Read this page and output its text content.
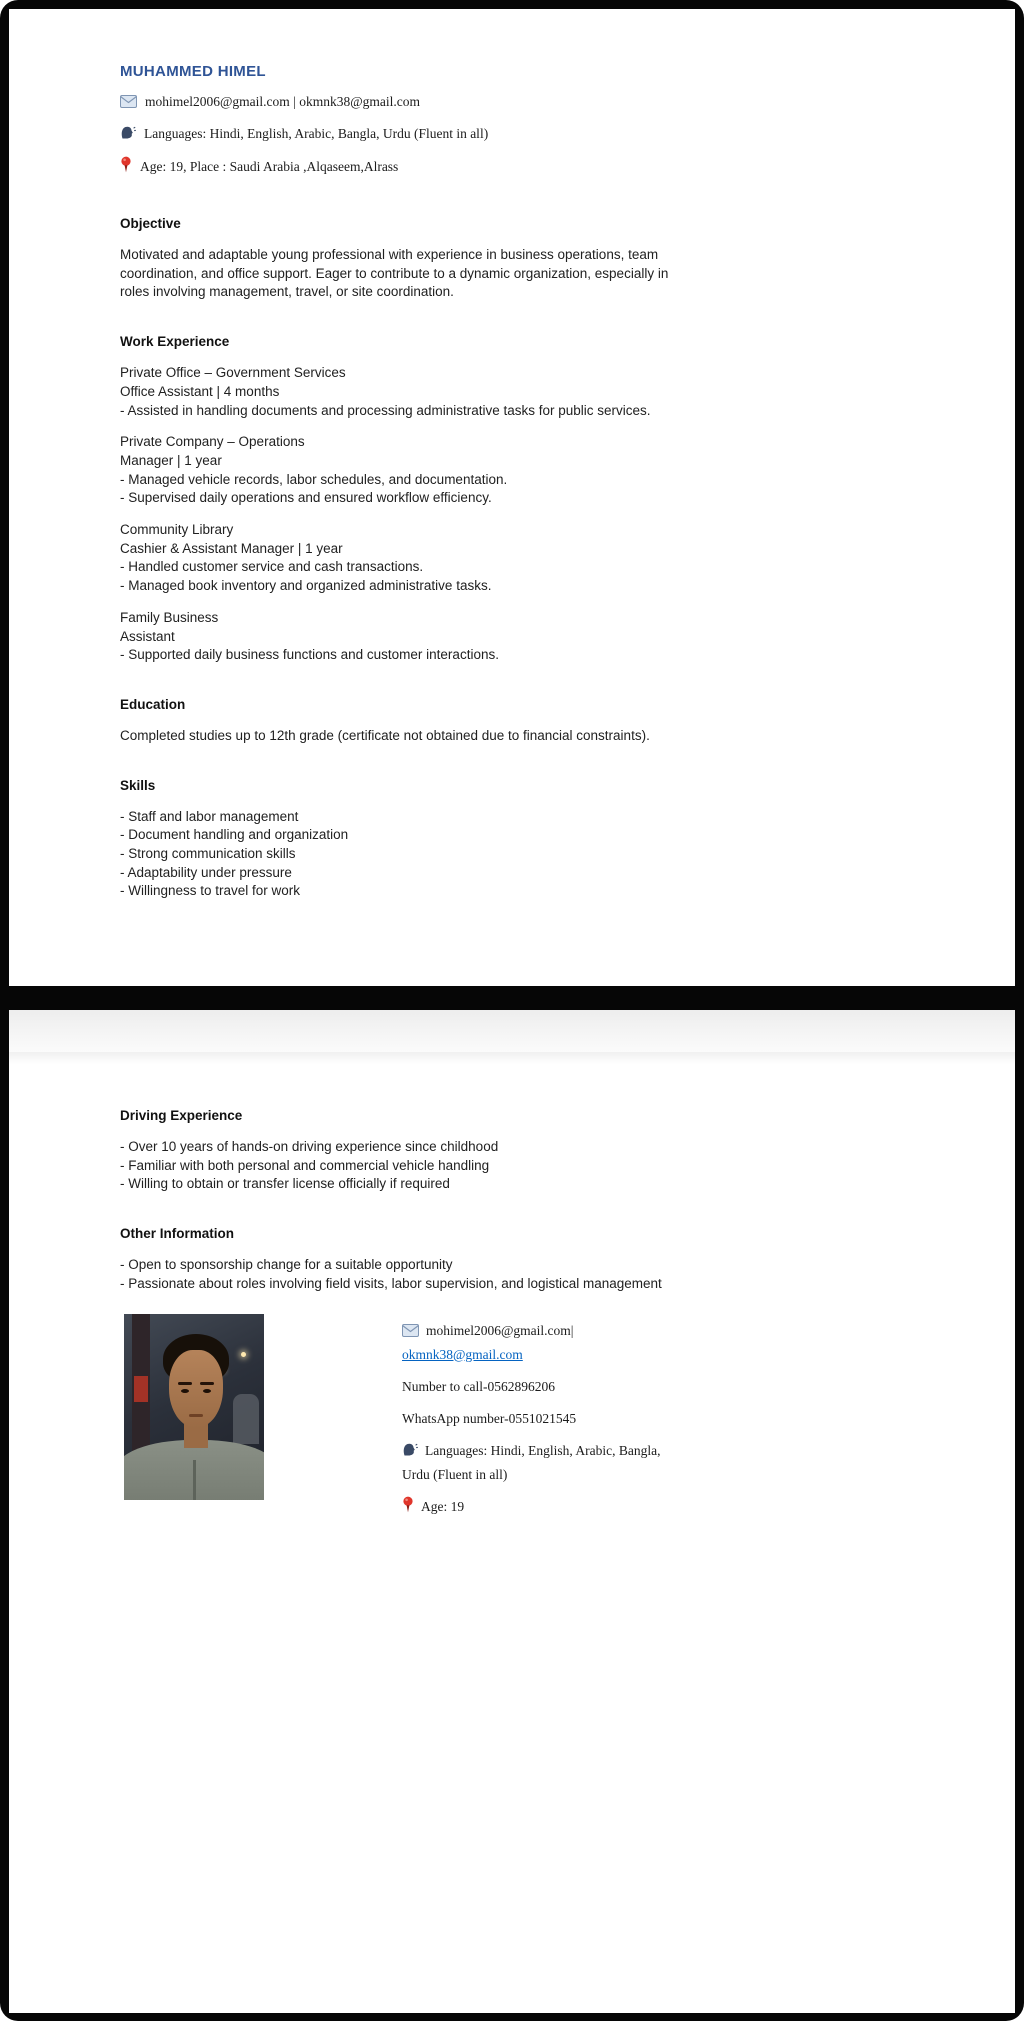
MUHAMMED HIMEL

mohimel2006@gmail.com | okmnk38@gmail.com

Languages: Hindi, English, Arabic, Bangla, Urdu (Fluent in all)

Age: 19, Place : Saudi Arabia ,Alqaseem,Alrass

Objective

Motivated and adaptable young professional with experience in business operations, team coordination, and office support. Eager to contribute to a dynamic organization, especially in roles involving management, travel, or site coordination.

Work Experience

Private Office – Government Services

Office Assistant | 4 months

- Assisted in handling documents and processing administrative tasks for public services.

Private Company – Operations

Manager | 1 year

- Managed vehicle records, labor schedules, and documentation.

- Supervised daily operations and ensured workflow efficiency.

Community Library

Cashier & Assistant Manager | 1 year

- Handled customer service and cash transactions.

- Managed book inventory and organized administrative tasks.

Family Business

Assistant

- Supported daily business functions and customer interactions.

Education

Completed studies up to 12th grade (certificate not obtained due to financial constraints).

Skills

- Staff and labor management

- Document handling and organization

- Strong communication skills

- Adaptability under pressure

- Willingness to travel for work

Driving Experience

- Over 10 years of hands-on driving experience since childhood

- Familiar with both personal and commercial vehicle handling

- Willing to obtain or transfer license officially if required

Other Information

- Open to sponsorship change for a suitable opportunity

- Passionate about roles involving field visits, labor supervision, and logistical management

mohimel2006@gmail.com|
okmnk38@gmail.com

Number to call-0562896206

WhatsApp number-0551021545

Languages: Hindi, English, Arabic, Bangla, Urdu (Fluent in all)

Age: 19
